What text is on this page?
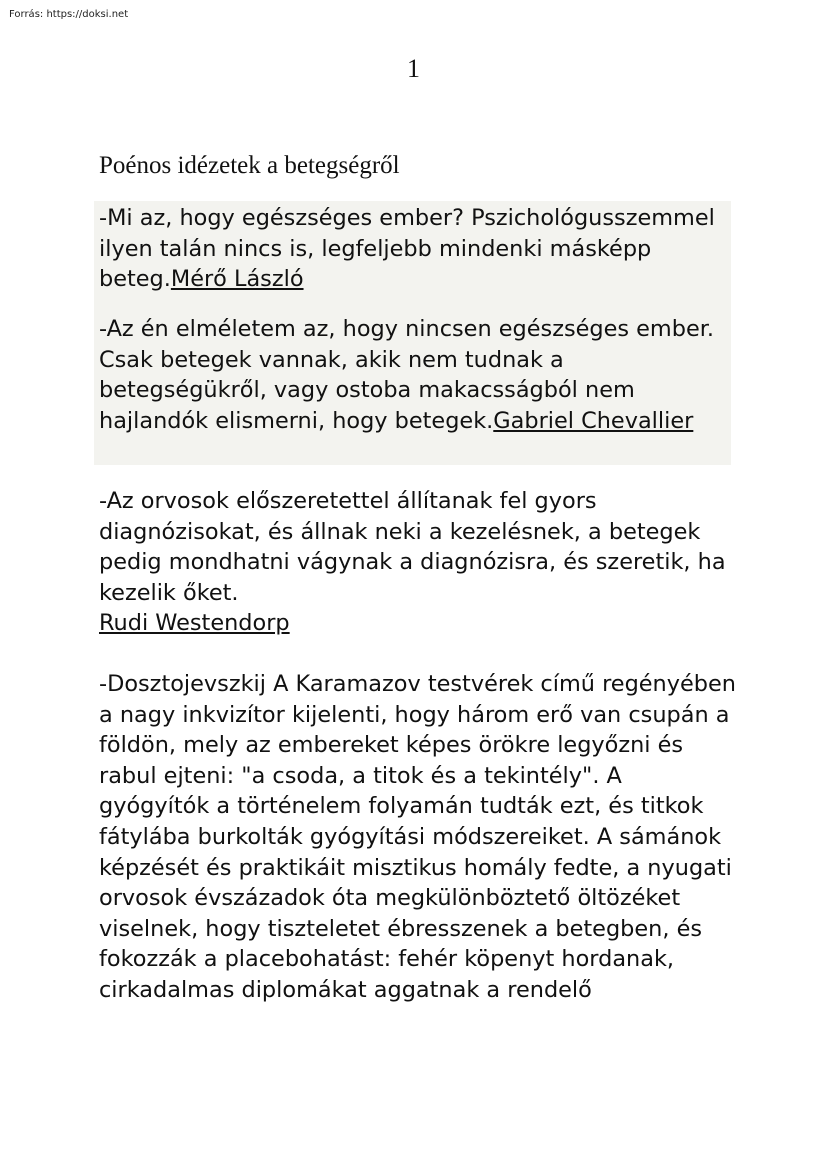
Forrás: https://doksi.net
1
Poénos idézetek a betegségről

-Mi az, hogy egészséges ember? Pszichológusszemmel ilyen talán nincs is, legfeljebb mindenki másképp beteg.Mérő László

-Az én elméletem az, hogy nincsen egészséges ember. Csak betegek vannak, akik nem tudnak a betegségükről, vagy ostoba makacsságból nem hajlandók elismerni, hogy betegek.Gabriel Chevallier

-Az orvosok előszeretettel állítanak fel gyors diagnózisokat, és állnak neki a kezelésnek, a betegek pedig mondhatni vágynak a diagnózisra, és szeretik, ha kezelik őket.
Rudi Westendorp

-Dosztojevszkij A Karamazov testvérek című regényében a nagy inkvizítor kijelenti, hogy három erő van csupán a földön, mely az embereket képes örökre legyőzni és rabul ejteni: "a csoda, a titok és a tekintély". A gyógyítók a történelem folyamán tudták ezt, és titkok fátylába burkolták gyógyítási módszereiket. A sámánok képzését és praktikáit misztikus homály fedte, a nyugati orvosok évszázadok óta megkülönböztető öltözéket viselnek, hogy tiszteletet ébresszenek a betegben, és fokozzák a placebohatást: fehér köpenyt hordanak, cirkadalmas diplomákat aggatnak a rendelő
